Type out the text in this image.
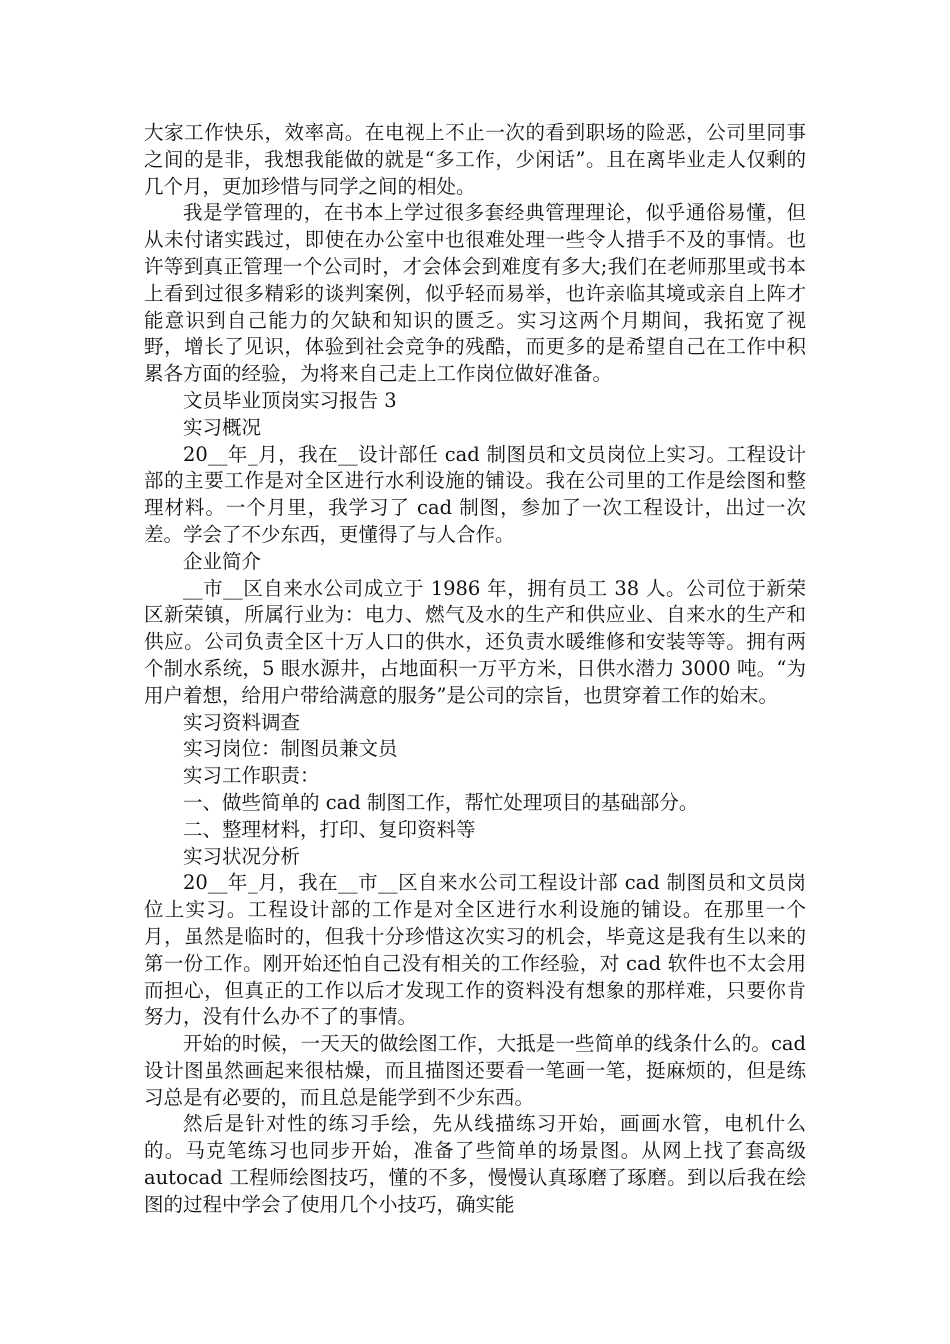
大家工作快乐，效率高。在电视上不止一次的看到职场的险恶，公司里同事之间的是非，我想我能做的就是“多工作，少闲话”。且在离毕业走人仅剩的几个月，更加珍惜与同学之间的相处。

我是学管理的，在书本上学过很多套经典管理理论，似乎通俗易懂，但从未付诸实践过，即使在办公室中也很难处理一些令人措手不及的事情。也许等到真正管理一个公司时，才会体会到难度有多大;我们在老师那里或书本上看到过很多精彩的谈判案例，似乎轻而易举，也许亲临其境或亲自上阵才能意识到自己能力的欠缺和知识的匮乏。实习这两个月期间，我拓宽了视野，增长了见识，体验到社会竞争的残酷，而更多的是希望自己在工作中积累各方面的经验，为将来自己走上工作岗位做好准备。

文员毕业顶岗实习报告 3

实习概况

20__年_月，我在__设计部任 cad 制图员和文员岗位上实习。工程设计部的主要工作是对全区进行水利设施的铺设。我在公司里的工作是绘图和整理材料。一个月里，我学习了 cad 制图，参加了一次工程设计，出过一次差。学会了不少东西，更懂得了与人合作。

企业简介

__市__区自来水公司成立于 1986 年，拥有员工 38 人。公司位于新荣区新荣镇，所属行业为：电力、燃气及水的生产和供应业、自来水的生产和供应。公司负责全区十万人口的供水，还负责水暖维修和安装等等。拥有两个制水系统，5 眼水源井，占地面积一万平方米，日供水潜力 3000 吨。“为用户着想，给用户带给满意的服务”是公司的宗旨，也贯穿着工作的始末。

实习资料调查

实习岗位：制图员兼文员

实习工作职责：

一、做些简单的 cad 制图工作，帮忙处理项目的基础部分。

二、整理材料，打印、复印资料等

实习状况分析

20__年_月，我在__市__区自来水公司工程设计部 cad 制图员和文员岗位上实习。工程设计部的工作是对全区进行水利设施的铺设。在那里一个月，虽然是临时的，但我十分珍惜这次实习的机会，毕竟这是我有生以来的第一份工作。刚开始还怕自己没有相关的工作经验，对 cad 软件也不太会用而担心，但真正的工作以后才发现工作的资料没有想象的那样难，只要你肯努力，没有什么办不了的事情。

开始的时候，一天天的做绘图工作，大抵是一些简单的线条什么的。cad 设计图虽然画起来很枯燥，而且描图还要看一笔画一笔，挺麻烦的，但是练习总是有必要的，而且总是能学到不少东西。

然后是针对性的练习手绘，先从线描练习开始，画画水管，电机什么的。马克笔练习也同步开始，准备了些简单的场景图。从网上找了套高级 autocad 工程师绘图技巧，懂的不多，慢慢认真琢磨了琢磨。到以后我在绘图的过程中学会了使用几个小技巧，确实能
